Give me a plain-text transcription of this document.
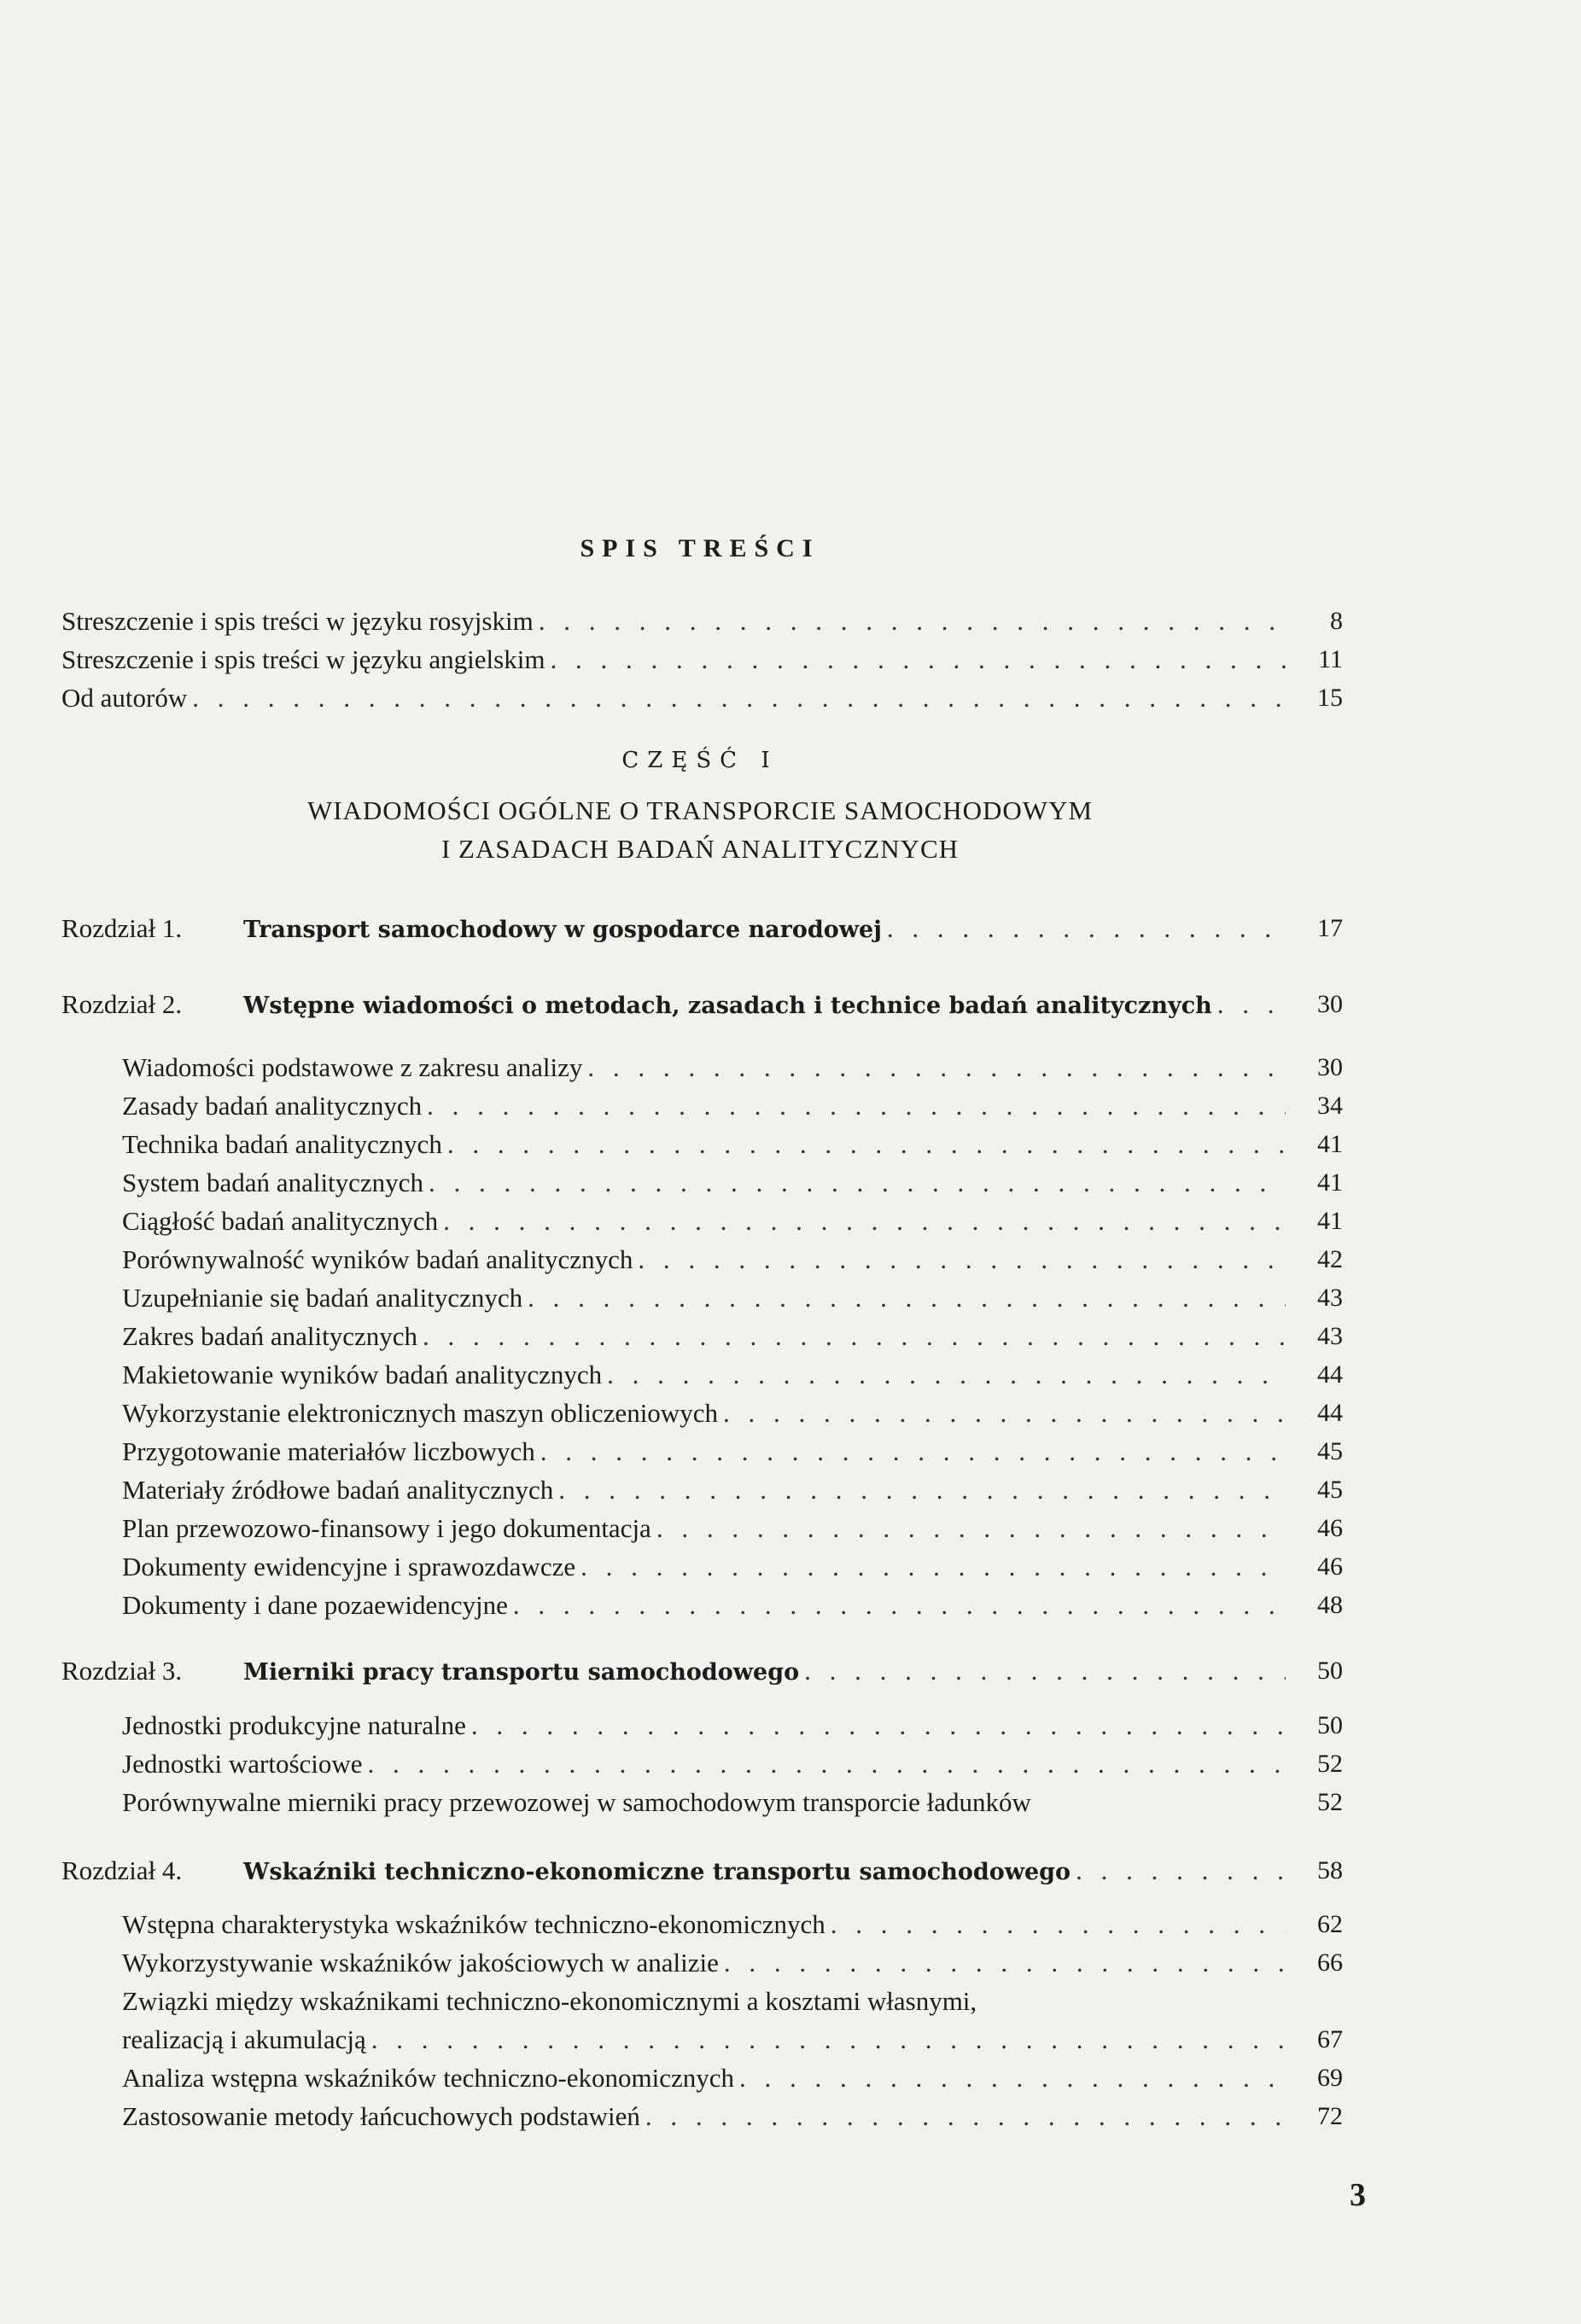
SPIS TREŚCI
Streszczenie i spis treści w języku rosyjskim . . .	8
Streszczenie i spis treści w języku angielskim . . .	11
Od autorów . . .	15
CZĘŚĆ I
WIADOMOŚCI OGÓLNE O TRANSPORCIE SAMOCHODOWYM
I ZASADACH BADAŃ ANALITYCZNYCH
Rozdział 1.	Transport samochodowy w gospodarce narodowej . . .	17
Rozdział 2.	Wstępne wiadomości o metodach, zasadach i technice badań analitycznych . . .	30
Wiadomości podstawowe z zakresu analizy . . .	30
Zasady badań analitycznych . . .	34
Technika badań analitycznych . . .	41
System badań analitycznych . . .	41
Ciągłość badań analitycznych . . .	41
Porównywalność wyników badań analitycznych . . .	42
Uzupełnianie się badań analitycznych . . .	43
Zakres badań analitycznych . . .	43
Makietowanie wyników badań analitycznych . . .	44
Wykorzystanie elektronicznych maszyn obliczeniowych . . .	44
Przygotowanie materiałów liczbowych . . .	45
Materiały źródłowe badań analitycznych . . .	45
Plan przewozowo-finansowy i jego dokumentacja . . .	46
Dokumenty ewidencyjne i sprawozdawcze . . .	46
Dokumenty i dane pozaewidencyjne . . .	48
Rozdział 3.	Mierniki pracy transportu samochodowego . . .	50
Jednostki produkcyjne naturalne . . .	50
Jednostki wartościowe . . .	52
Porównywalne mierniki pracy przewozowej w samochodowym transporcie ładunków	52
Rozdział 4.	Wskaźniki techniczno-ekonomiczne transportu samochodowego . . .	58
Wstępna charakterystyka wskaźników techniczno-ekonomicznych . . .	62
Wykorzystywanie wskaźników jakościowych w analizie . . .	66
Związki między wskaźnikami techniczno-ekonomicznymi a kosztami własnymi,
realizacją i akumulacją . . .	67
Analiza wstępna wskaźników techniczno-ekonomicznych . . .	69
Zastosowanie metody łańcuchowych podstawień . . .	72
3
